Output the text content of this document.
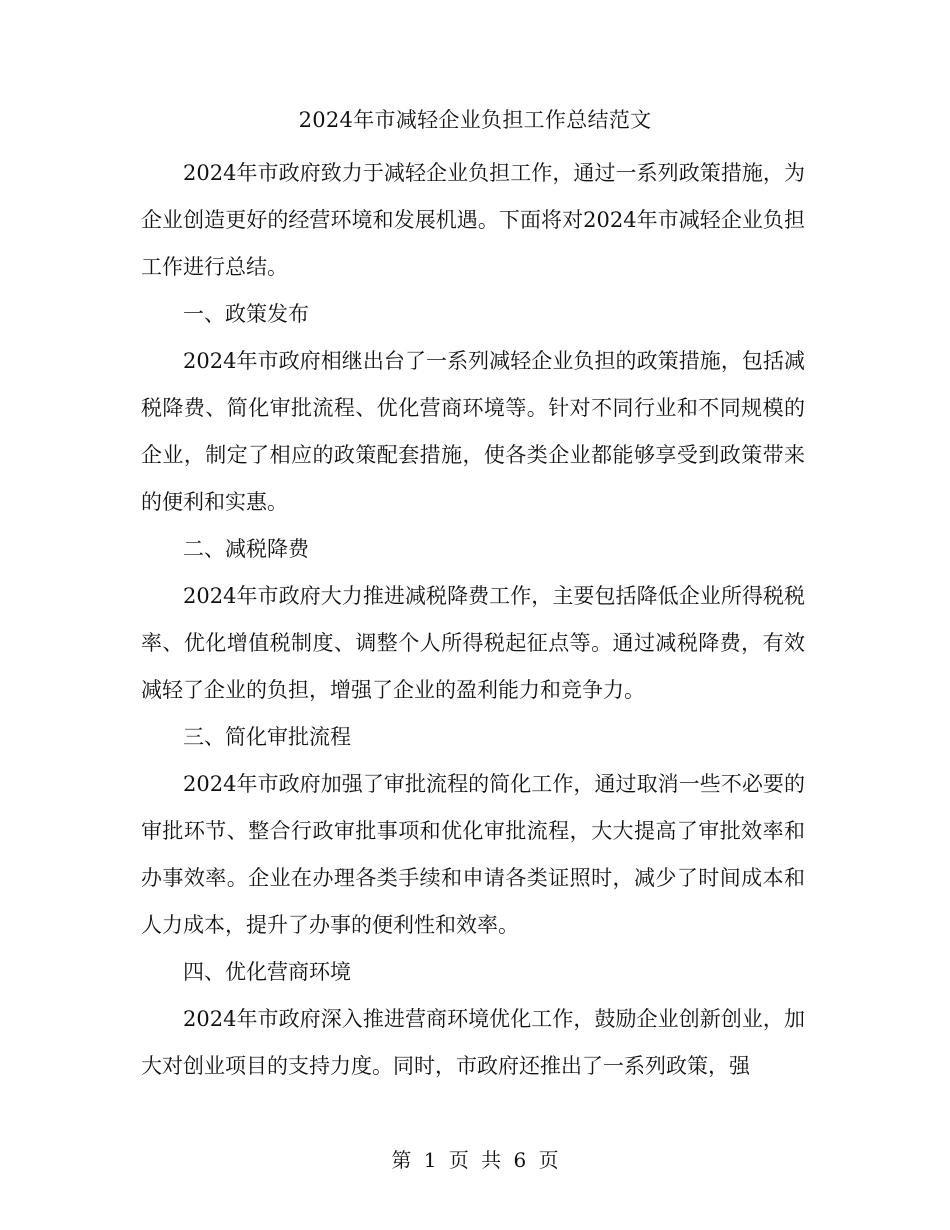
2024年市减轻企业负担工作总结范文

2024年市政府致力于减轻企业负担工作，通过一系列政策措施，为企业创造更好的经营环境和发展机遇。下面将对2024年市减轻企业负担工作进行总结。

一、政策发布

2024年市政府相继出台了一系列减轻企业负担的政策措施，包括减税降费、简化审批流程、优化营商环境等。针对不同行业和不同规模的企业，制定了相应的政策配套措施，使各类企业都能够享受到政策带来的便利和实惠。

二、减税降费

2024年市政府大力推进减税降费工作，主要包括降低企业所得税税率、优化增值税制度、调整个人所得税起征点等。通过减税降费，有效减轻了企业的负担，增强了企业的盈利能力和竞争力。

三、简化审批流程

2024年市政府加强了审批流程的简化工作，通过取消一些不必要的审批环节、整合行政审批事项和优化审批流程，大大提高了审批效率和办事效率。企业在办理各类手续和申请各类证照时，减少了时间成本和人力成本，提升了办事的便利性和效率。

四、优化营商环境

2024年市政府深入推进营商环境优化工作，鼓励企业创新创业，加大对创业项目的支持力度。同时，市政府还推出了一系列政策，强

第 1 页 共 6 页
